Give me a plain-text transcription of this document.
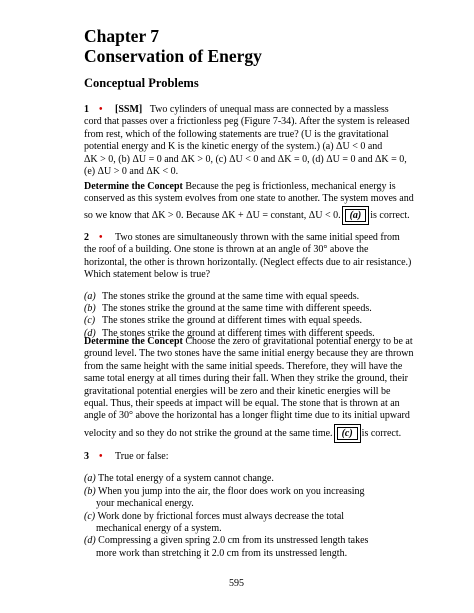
Chapter 7
Conservation of Energy
Conceptual Problems
1 • [SSM] Two cylinders of unequal mass are connected by a massless
cord that passes over a frictionless peg (Figure 7-34). After the system is released
from rest, which of the following statements are true? (U is the gravitational
potential energy and K is the kinetic energy of the system.) (a) ΔU < 0 and
ΔK > 0, (b) ΔU = 0 and ΔK > 0, (c) ΔU < 0 and ΔK = 0, (d) ΔU = 0 and ΔK = 0,
(e) ΔU > 0 and ΔK < 0.
Determine the Concept Because the peg is frictionless, mechanical energy is
conserved as this system evolves from one state to another. The system moves and
so we know that ΔK > 0. Because ΔK + ΔU = constant, ΔU < 0. (a) is correct.
2 • Two stones are simultaneously thrown with the same initial speed from
the roof of a building. One stone is thrown at an angle of 30° above the
horizontal, the other is thrown horizontally. (Neglect effects due to air resistance.)
Which statement below is true?
(a) The stones strike the ground at the same time with equal speeds.
(b) The stones strike the ground at the same time with different speeds.
(c) The stones strike the ground at different times with equal speeds.
(d) The stones strike the ground at different times with different speeds.
Determine the Concept Choose the zero of gravitational potential energy to be at
ground level. The two stones have the same initial energy because they are thrown
from the same height with the same initial speeds. Therefore, they will have the
same total energy at all times during their fall. When they strike the ground, their
gravitational potential energies will be zero and their kinetic energies will be
equal. Thus, their speeds at impact will be equal. The stone that is thrown at an
angle of 30° above the horizontal has a longer flight time due to its initial upward
velocity and so they do not strike the ground at the same time. (c) is correct.
3 • True or false:
(a) The total energy of a system cannot change.
(b) When you jump into the air, the floor does work on you increasing your mechanical energy.
(c) Work done by frictional forces must always decrease the total mechanical energy of a system.
(d) Compressing a given spring 2.0 cm from its unstressed length takes more work than stretching it 2.0 cm from its unstressed length.
595
